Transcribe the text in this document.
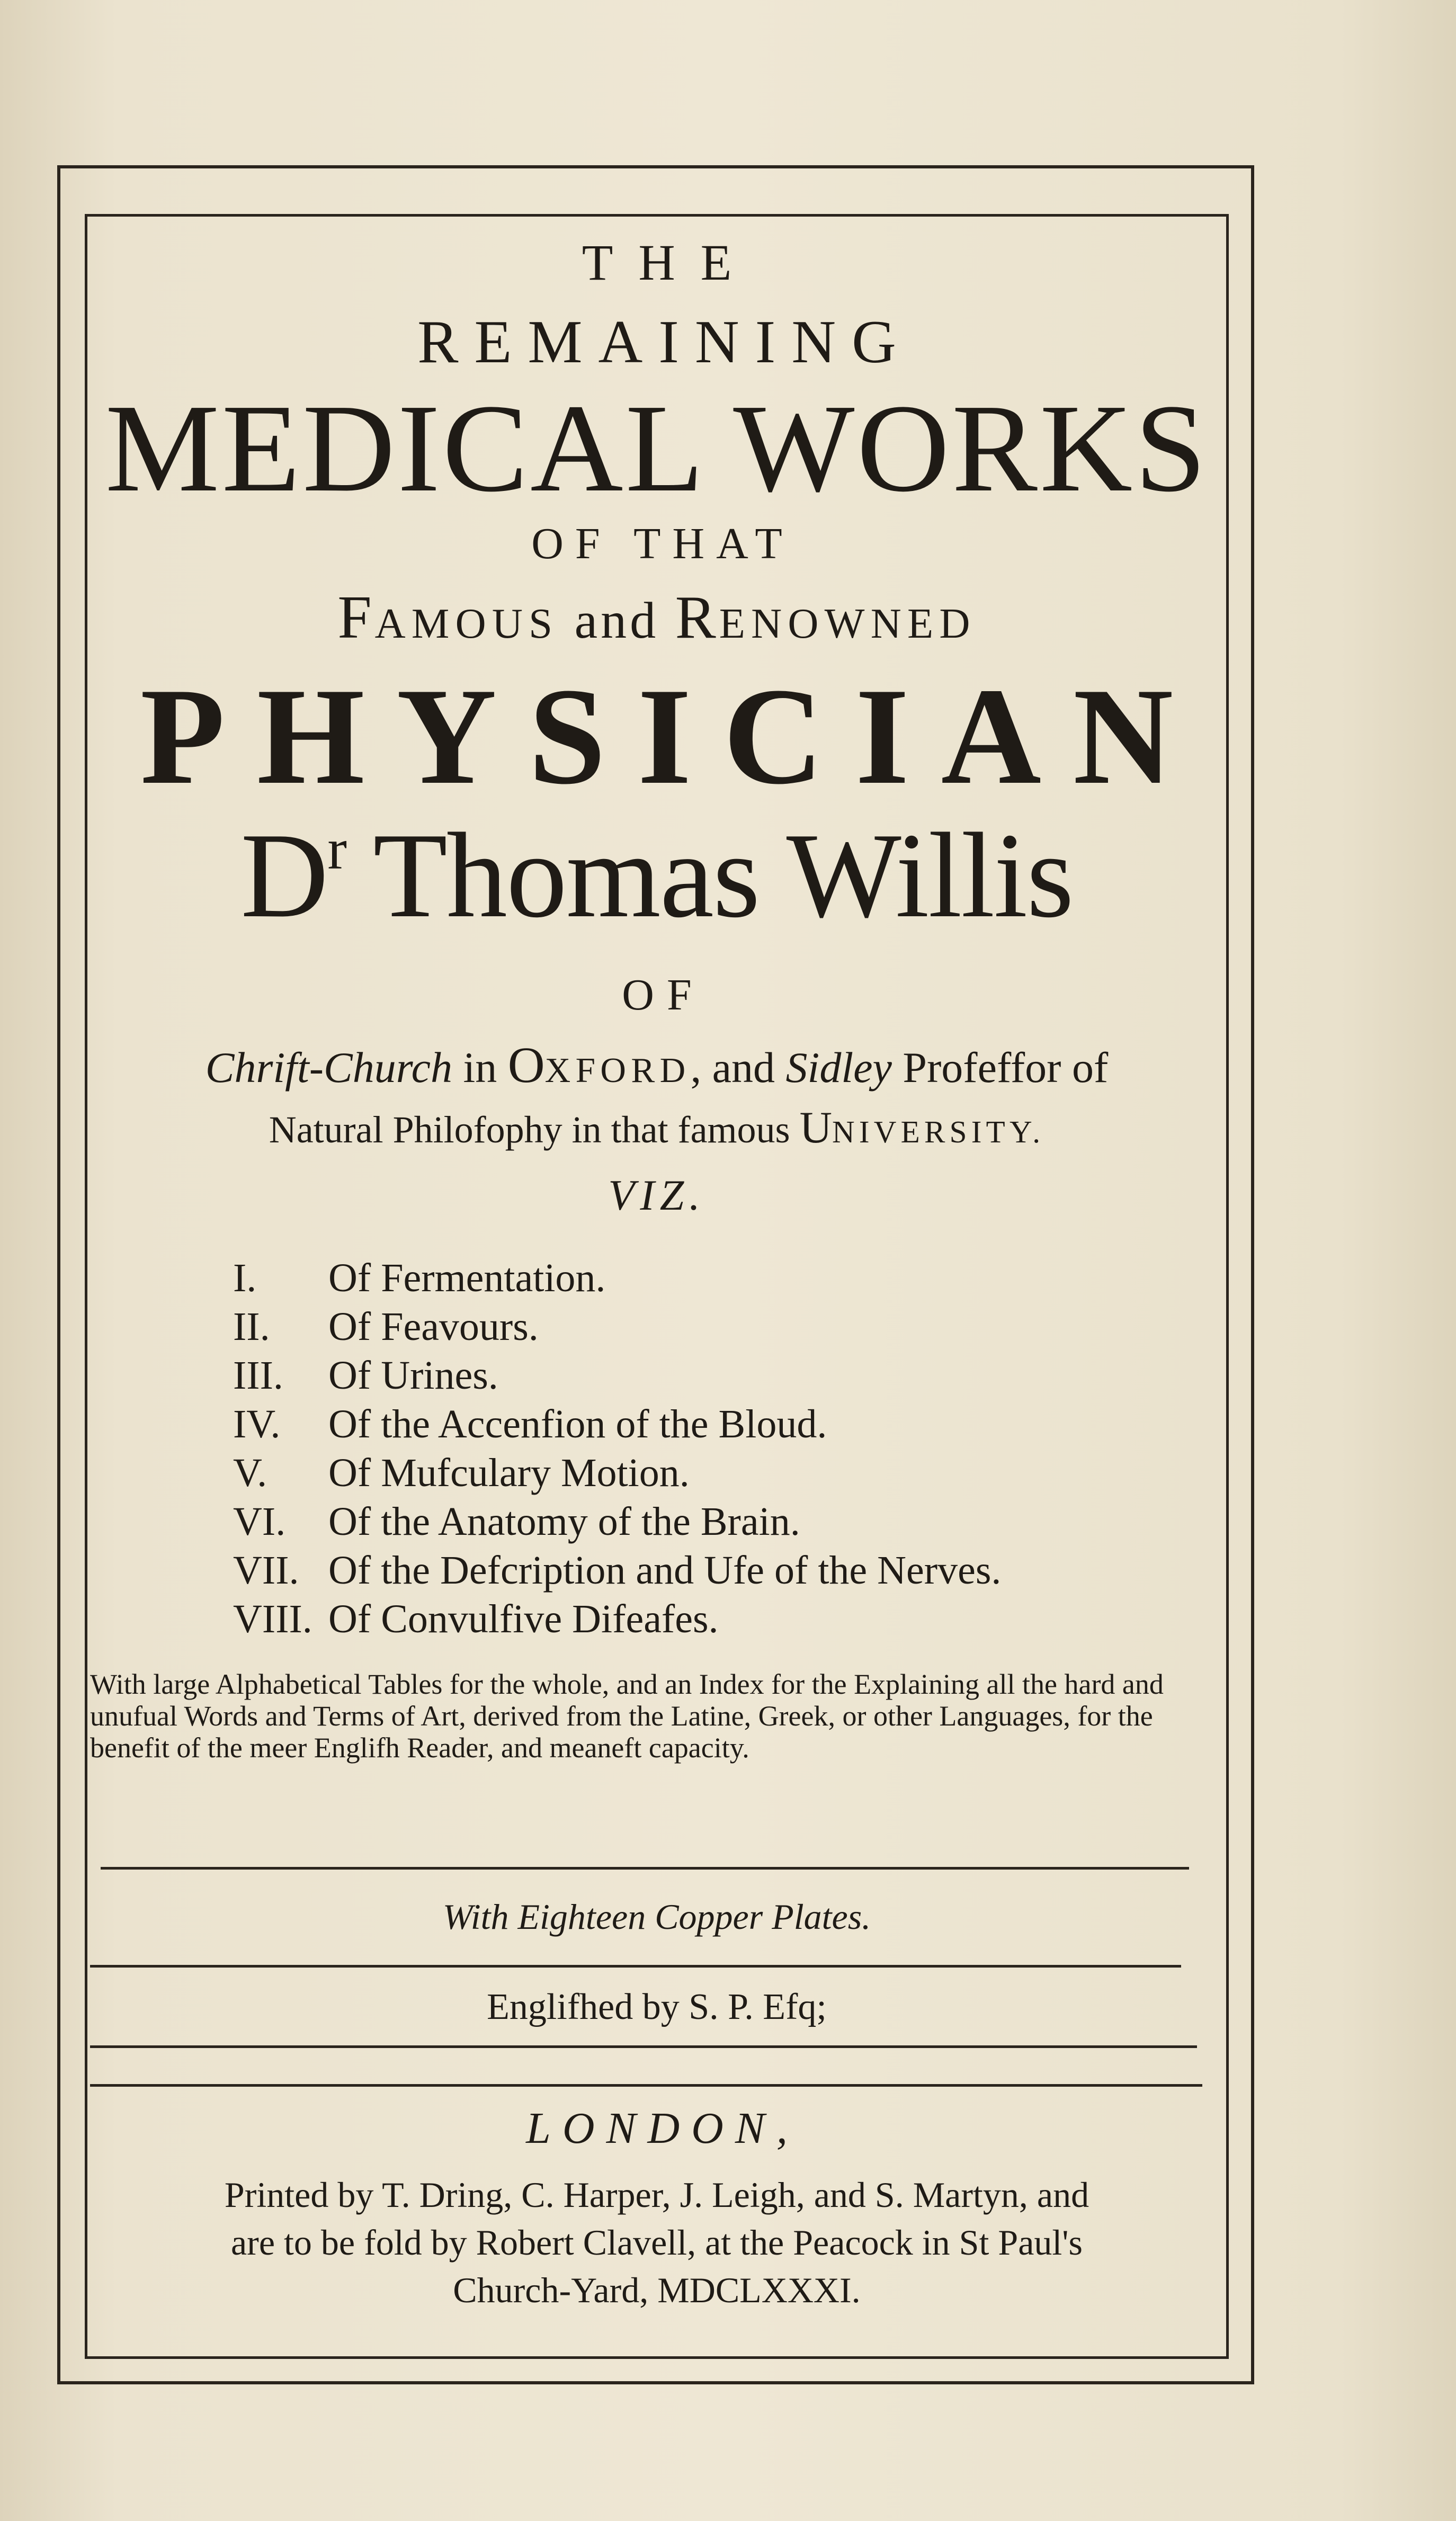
THE
REMAINING
MEDICAL WORKS
OF THAT
FAMOUS and RENOWNED
PHYSICIAN
$D^r$ Thomas Willis
OF
Chrift-Church in OXFORD, and Sidley Profeffor of
Natural Philofophy in that famous UNIVERSITY.
VIZ.
I.	Of Fermentation.
II.	Of Feavours.
III.	Of Urines.
IV.	Of the Accenfion of the Bloud.
V.	Of Mufculary Motion.
VI.	Of the Anatomy of the Brain.
VII. Of the Defcription and Ufe of the Nerves.
VIII. Of Convulfive Difeafes.
With large Alphabetical Tables for the whole, and an Index for the Explaining all the hard and unufual Words and Terms of Art, derived from the Latine, Greek, or other Languages, for the benefit of the meer Englifh Reader, and meaneft capacity.
With Eighteen Copper Plates.
Englifhed by S. P. Efq;
LONDON,
Printed by T. Dring, C. Harper, J. Leigh, and S. Martyn, and
are to be fold by Robert Clavell, at the Peacock in St Paul's
Church-Yard, MDCLXXXI.
